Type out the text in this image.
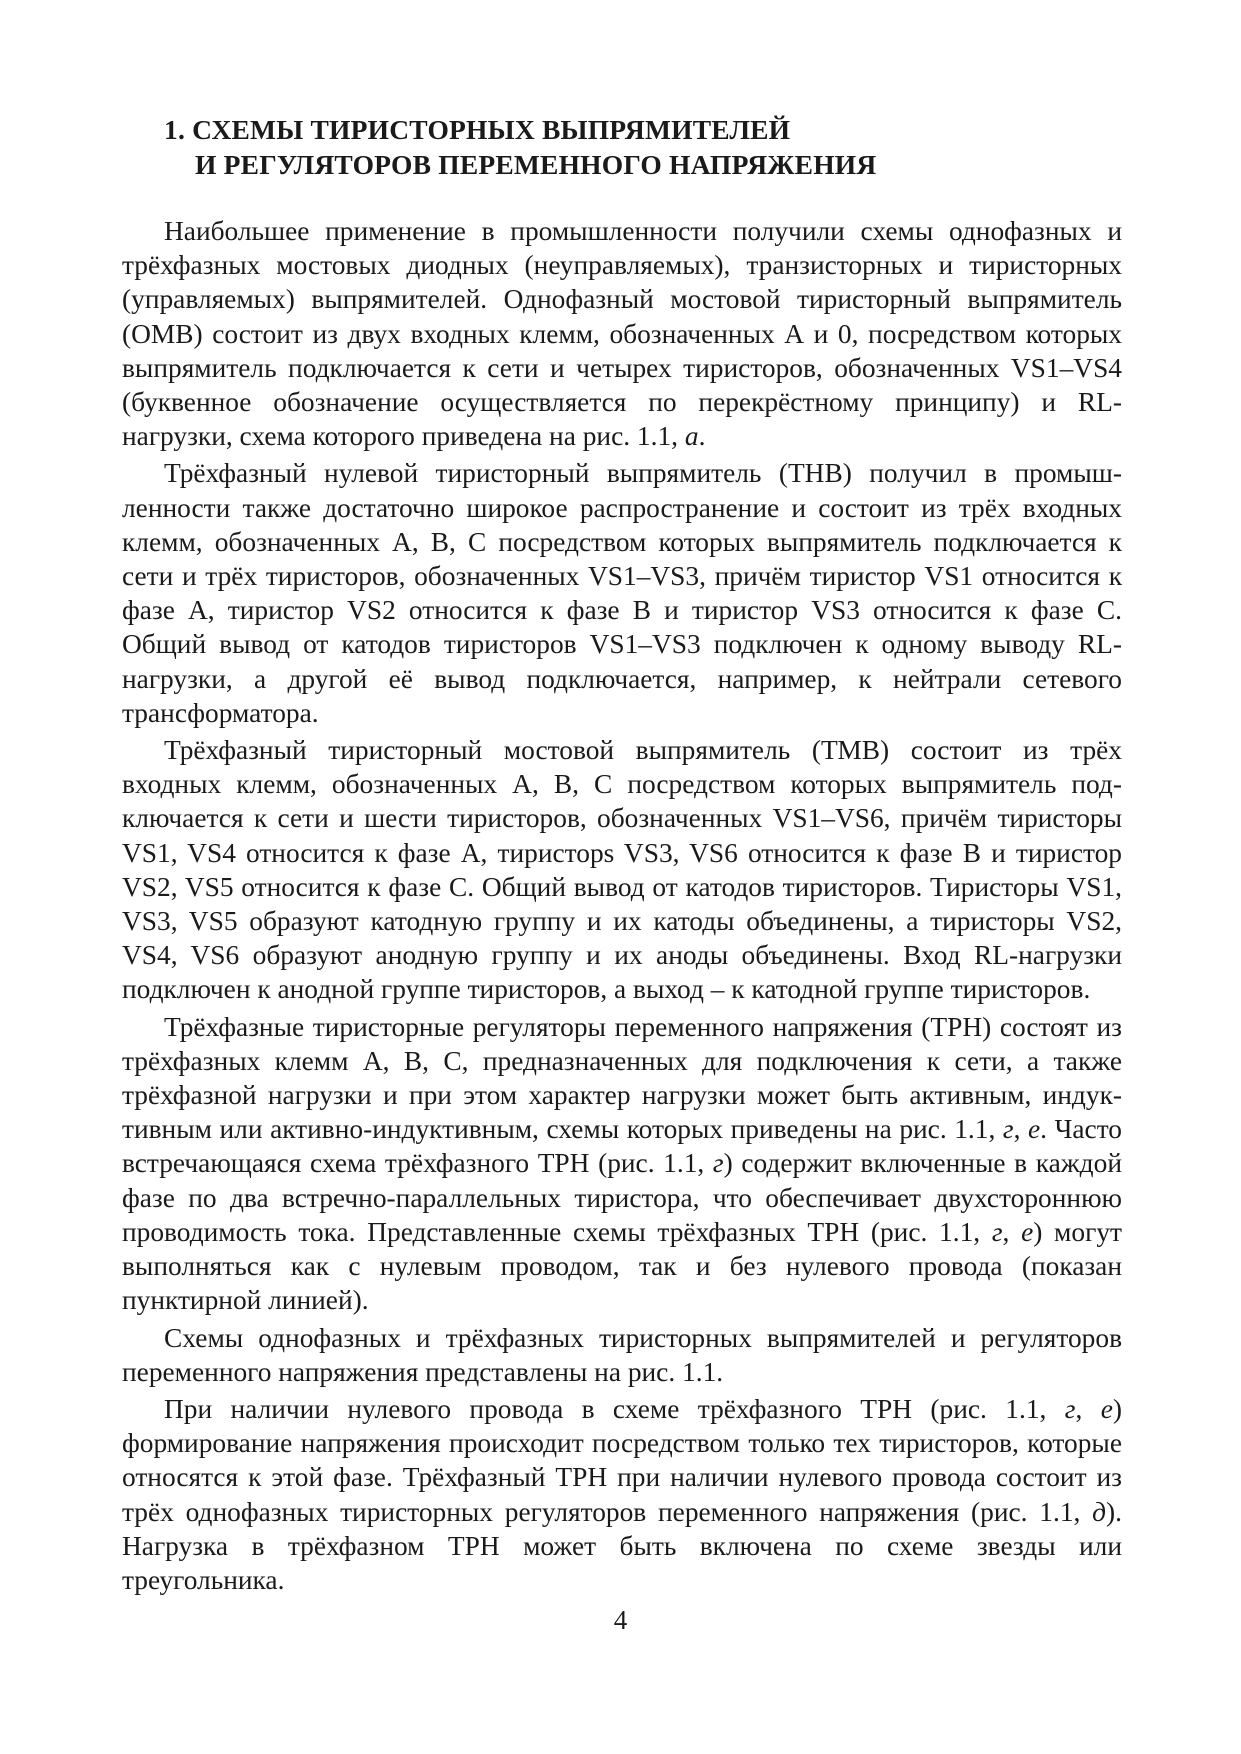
1. СХЕМЫ ТИРИСТОРНЫХ ВЫПРЯМИТЕЛЕЙ
И РЕГУЛЯТОРОВ ПЕРЕМЕННОГО НАПРЯЖЕНИЯ

Наибольшее применение в промышленности получили схемы однофазных и трёхфазных мостовых диодных (неуправляемых), транзисторных и тиристорных (управляемых) выпрямителей. Однофазный мостовой тиристорный выпрямитель (ОМВ) состоит из двух входных клемм, обозначенных А и 0, посредством которых выпрямитель подключается к сети и четырех тиристоров, обозначенных VS1–VS4 (буквенное обозначение осуществляется по перекрёстному принципу) и RL-нагрузки, схема которого приведена на рис. 1.1, а.

Трёхфазный нулевой тиристорный выпрямитель (ТНВ) получил в промышленности также достаточно широкое распространение и состоит из трёх входных клемм, обозначенных А, В, С посредством которых выпрямитель подключается к сети и трёх тиристоров, обозначенных VS1–VS3, причём тиристор VS1 относится к фазе А, тиристор VS2 относится к фазе В и тиристор VS3 относится к фазе С. Общий вывод от катодов тиристоров VS1–VS3 подключен к одному выводу RL-нагрузки, а другой её вывод подключается, например, к нейтрали сетевого трансформатора.

Трёхфазный тиристорный мостовой выпрямитель (ТМВ) состоит из трёх входных клемм, обозначенных А, В, С посредством которых выпрямитель подключается к сети и шести тиристоров, обозначенных VS1–VS6, причём тиристоры VS1, VS4 относится к фазе А, тиристорs VS3, VS6 относится к фазе В и тиристор VS2, VS5 относится к фазе С. Общий вывод от катодов тиристоров. Тиристоры VS1, VS3, VS5 образуют катодную группу и их катоды объединены, а тиристоры VS2, VS4, VS6 образуют анодную группу и их аноды объединены. Вход RL-нагрузки подключен к анодной группе тиристоров, а выход – к катодной группе тиристоров.

Трёхфазные тиристорные регуляторы переменного напряжения (ТРН) состоят из трёхфазных клемм А, В, С, предназначенных для подключения к сети, а также трёхфазной нагрузки и при этом характер нагрузки может быть активным, индуктивным или активно-индуктивным, схемы которых приведены на рис. 1.1, г, е. Часто встречающаяся схема трёхфазного ТРН (рис. 1.1, г) содержит включенные в каждой фазе по два встречно-параллельных тиристора, что обеспечивает двухстороннюю проводимость тока. Представленные схемы трёхфазных ТРН (рис. 1.1, г, е) могут выполняться как с нулевым проводом, так и без нулевого провода (показан пунктирной линией).

Схемы однофазных и трёхфазных тиристорных выпрямителей и регуляторов переменного напряжения представлены на рис. 1.1.

При наличии нулевого провода в схеме трёхфазного ТРН (рис. 1.1, г, е) формирование напряжения происходит посредством только тех тиристоров, которые относятся к этой фазе. Трёхфазный ТРН при наличии нулевого провода состоит из трёх однофазных тиристорных регуляторов переменного напряжения (рис. 1.1, д). Нагрузка в трёхфазном ТРН может быть включена по схеме звезды или треугольника.

4
